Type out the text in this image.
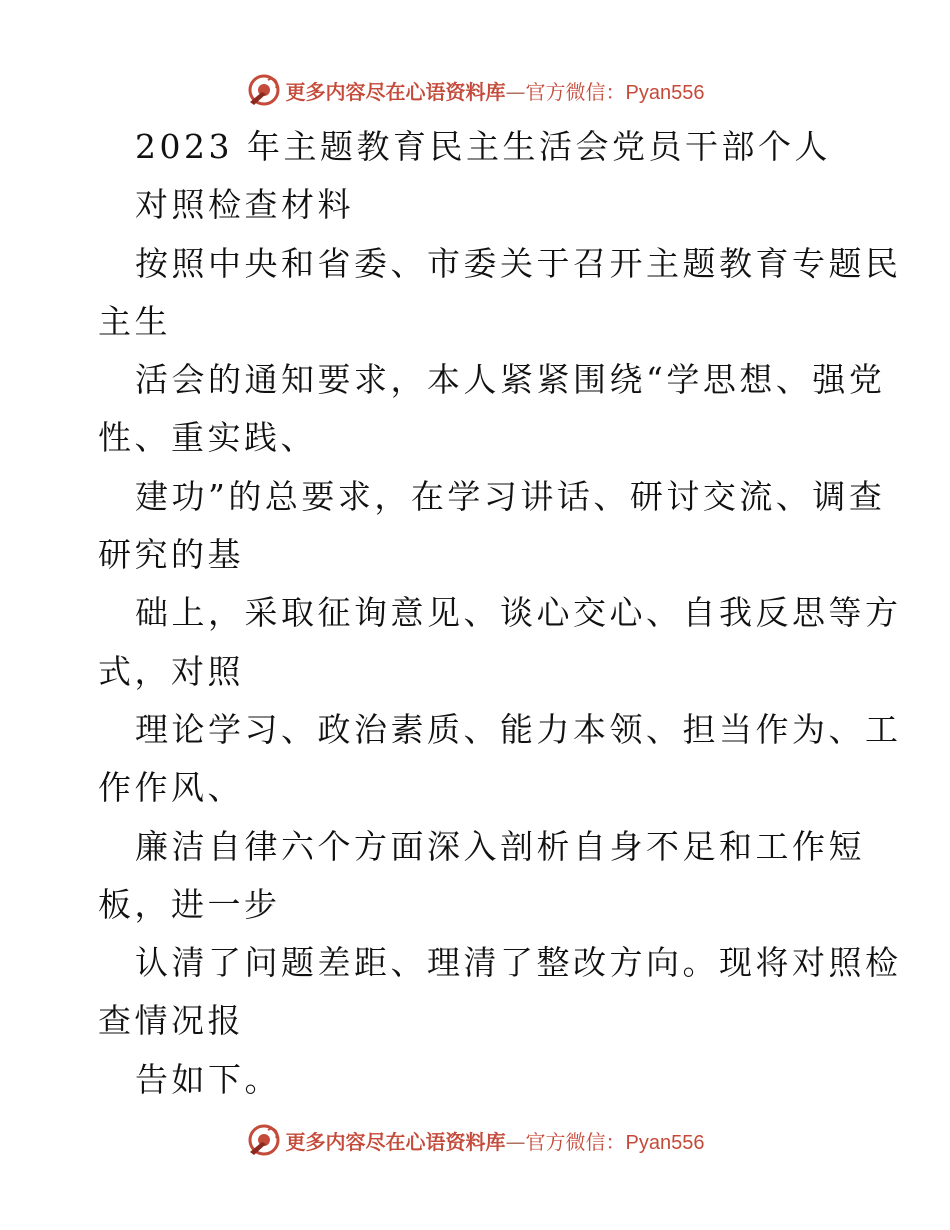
更多内容尽在心语资料库—官方微信：Pyan556
2023 年主题教育民主生活会党员干部个人
对照检查材料
按照中央和省委、市委关于召开主题教育专题民
主生
活会的通知要求，本人紧紧围绕“学思想、强党
性、重实践、
建功”的总要求，在学习讲话、研讨交流、调查
研究的基
础上，采取征询意见、谈心交心、自我反思等方
式，对照
理论学习、政治素质、能力本领、担当作为、工
作作风、
廉洁自律六个方面深入剖析自身不足和工作短
板，进一步
认清了问题差距、理清了整改方向。现将对照检
查情况报
告如下。
更多内容尽在心语资料库—官方微信：Pyan556
